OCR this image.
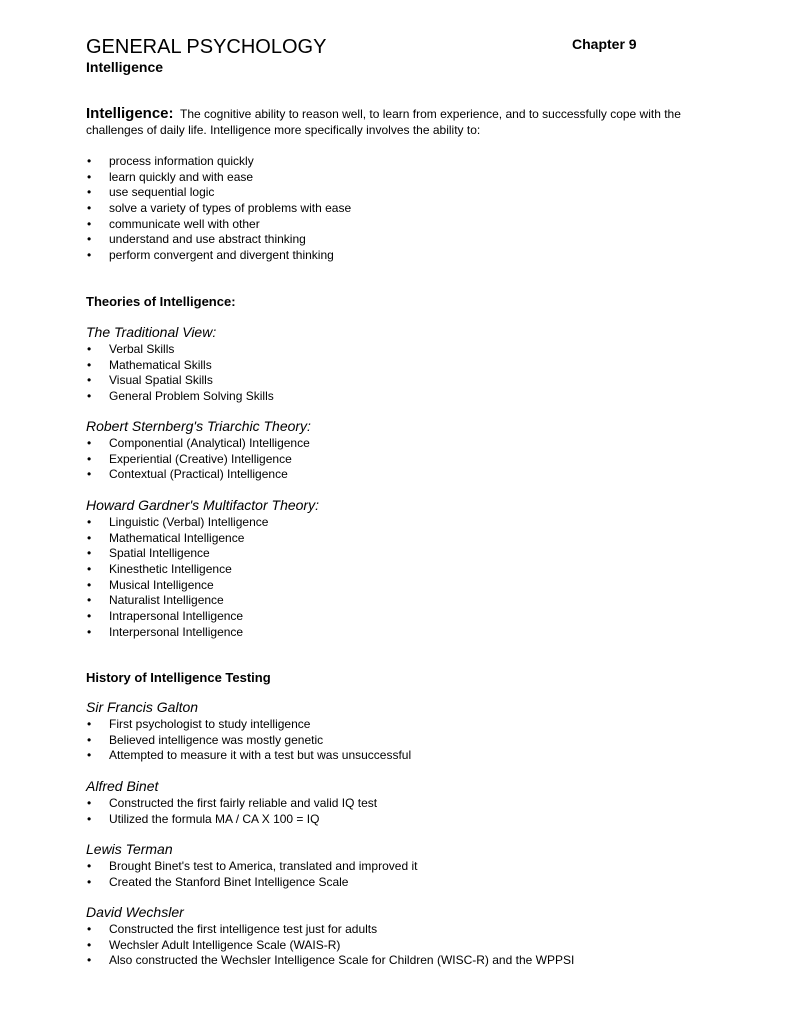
GENERAL PSYCHOLOGY	Chapter 9
Intelligence
Intelligence: The cognitive ability to reason well, to learn from experience, and to successfully cope with the challenges of daily life. Intelligence more specifically involves the ability to:
• process information quickly
• learn quickly and with ease
• use sequential logic
• solve a variety of types of problems with ease
• communicate well with other
• understand and use abstract thinking
• perform convergent and divergent thinking
Theories of Intelligence:
The Traditional View:
• Verbal Skills
• Mathematical Skills
• Visual Spatial Skills
• General Problem Solving Skills
Robert Sternberg's Triarchic Theory:
• Componential (Analytical) Intelligence
• Experiential (Creative) Intelligence
• Contextual (Practical) Intelligence
Howard Gardner's Multifactor Theory:
• Linguistic (Verbal) Intelligence
• Mathematical Intelligence
• Spatial Intelligence
• Kinesthetic Intelligence
• Musical Intelligence
• Naturalist Intelligence
• Intrapersonal Intelligence
• Interpersonal Intelligence
History of Intelligence Testing
Sir Francis Galton
• First psychologist to study intelligence
• Believed intelligence was mostly genetic
• Attempted to measure it with a test but was unsuccessful
Alfred Binet
• Constructed the first fairly reliable and valid IQ test
• Utilized the formula MA / CA X 100 = IQ
Lewis Terman
• Brought Binet's test to America, translated and improved it
• Created the Stanford Binet Intelligence Scale
David Wechsler
• Constructed the first intelligence test just for adults
• Wechsler Adult Intelligence Scale (WAIS-R)
• Also constructed the Wechsler Intelligence Scale for Children (WISC-R) and the WPPSI
